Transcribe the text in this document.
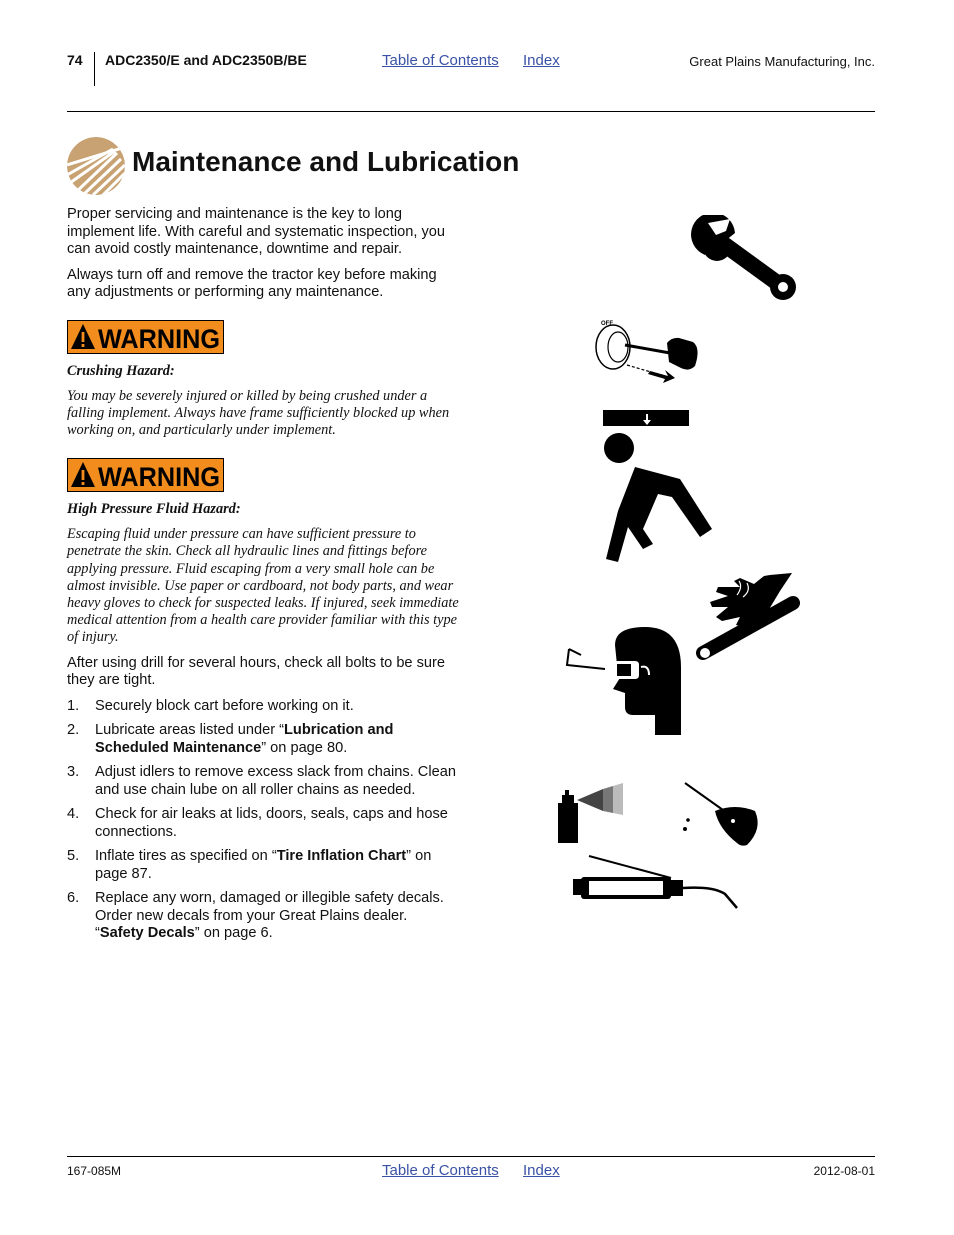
74 ADC2350/E and ADC2350B/BE	Table of Contents Index	Great Plains Manufacturing, Inc.
Maintenance and Lubrication

Proper servicing and maintenance is the key to long implement life. With careful and systematic inspection, you can avoid costly maintenance, downtime and repair.

Always turn off and remove the tractor key before making any adjustments or performing any maintenance.

WARNING

Crushing Hazard:

You may be severely injured or killed by being crushed under a falling implement. Always have frame sufficiently blocked up when working on, and particularly under implement.

WARNING

High Pressure Fluid Hazard:

Escaping fluid under pressure can have sufficient pressure to penetrate the skin. Check all hydraulic lines and fittings before applying pressure. Fluid escaping from a very small hole can be almost invisible. Use paper or cardboard, not body parts, and wear heavy gloves to check for suspected leaks. If injured, seek immediate medical attention from a health care provider familiar with this type of injury.

After using drill for several hours, check all bolts to be sure they are tight.

1. Securely block cart before working on it.
2. Lubricate areas listed under “Lubrication and Scheduled Maintenance” on page 80.
3. Adjust idlers to remove excess slack from chains. Clean and use chain lube on all roller chains as needed.
4. Check for air leaks at lids, doors, seals, caps and hose connections.
5. Inflate tires as specified on “Tire Inflation Chart” on page 87.
6. Replace any worn, damaged or illegible safety decals. Order new decals from your Great Plains dealer. “Safety Decals” on page 6.
OFF
167-085M	Table of Contents Index	2012-08-01
